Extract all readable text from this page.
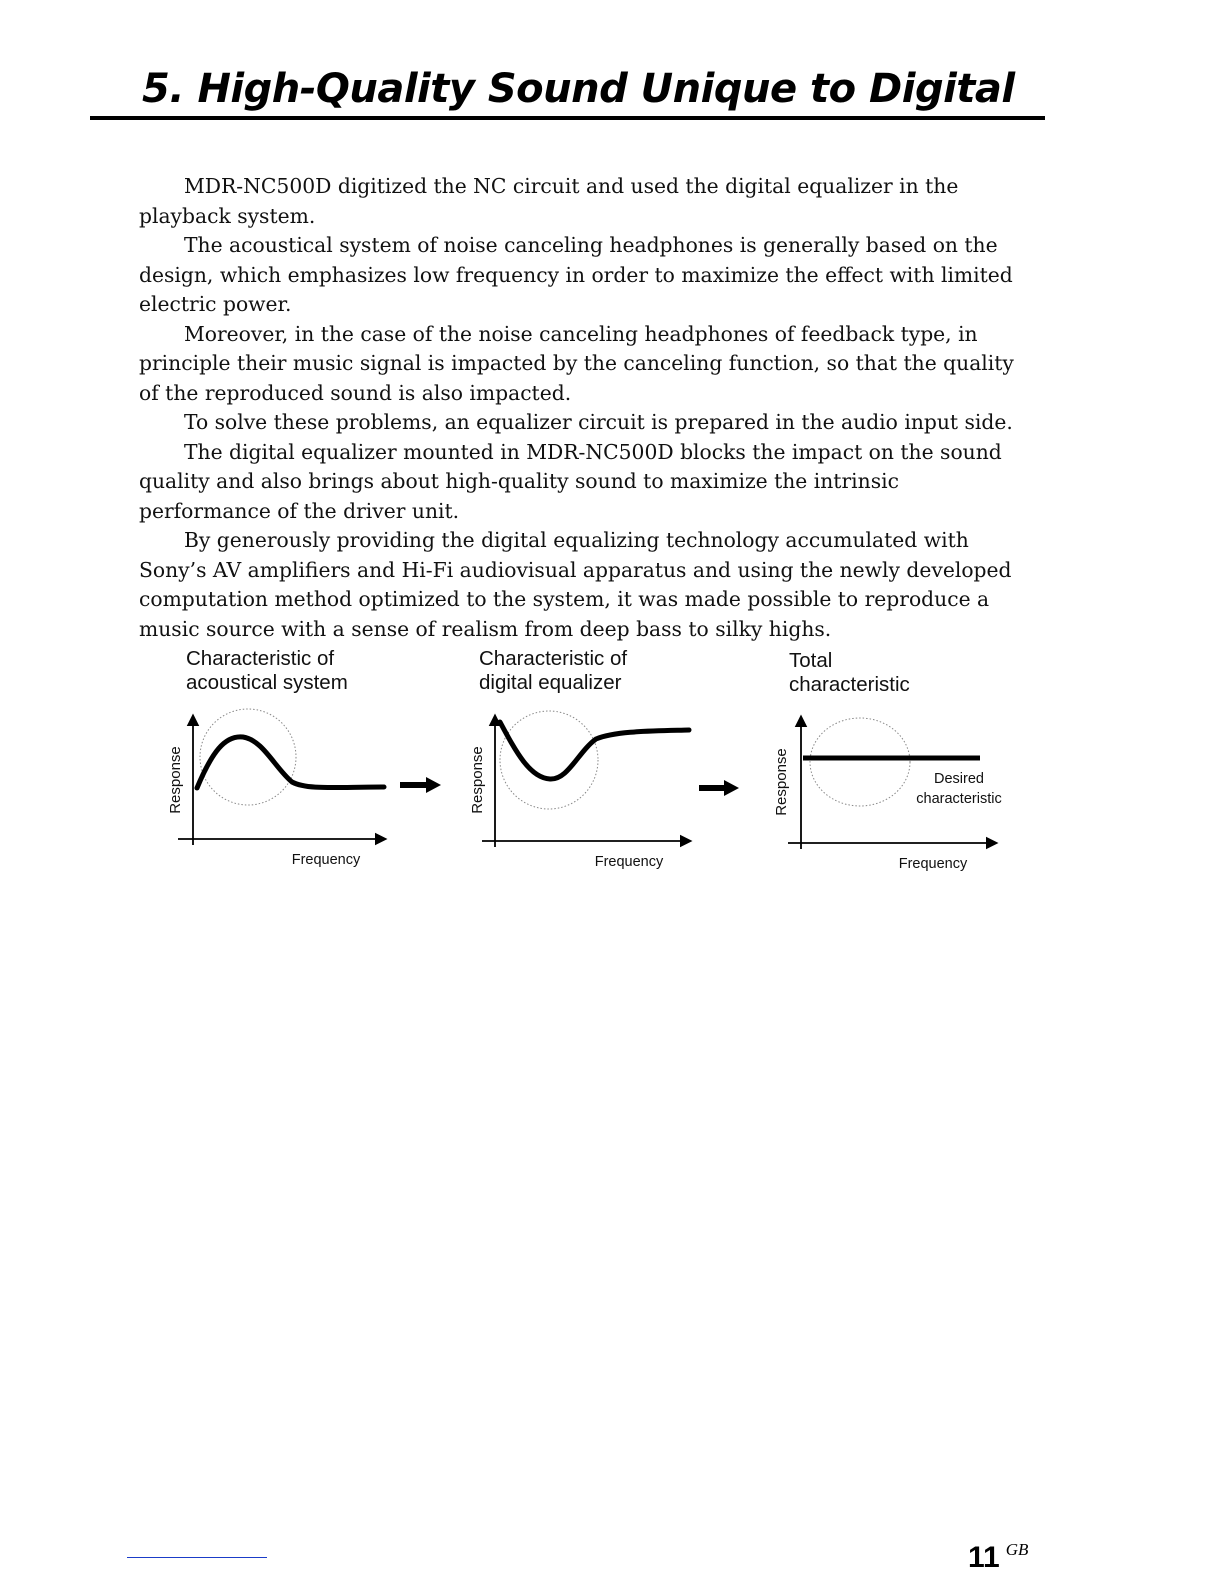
5. High-Quality Sound Unique to Digital

MDR-NC500D digitized the NC circuit and used the digital equalizer in the playback system.

The acoustical system of noise canceling headphones is generally based on the design, which emphasizes low frequency in order to maximize the effect with limited electric power.

Moreover, in the case of the noise canceling headphones of feedback type, in principle their music signal is impacted by the canceling function, so that the quality of the reproduced sound is also impacted.

To solve these problems, an equalizer circuit is prepared in the audio input side.

The digital equalizer mounted in MDR-NC500D blocks the impact on the sound quality and also brings about high-quality sound to maximize the intrinsic performance of the driver unit.

By generously providing the digital equalizing technology accumulated with Sony’s AV amplifiers and Hi-Fi audiovisual apparatus and using the newly developed computation method optimized to the system, it was made possible to reproduce a music source with a sense of realism from deep bass to silky highs.

Characteristic of
acoustical system
Characteristic of
digital equalizer
Total
characteristic
Response
Frequency
Response
Frequency
Response
Frequency
Desired
characteristic
11 $^{GB}$
